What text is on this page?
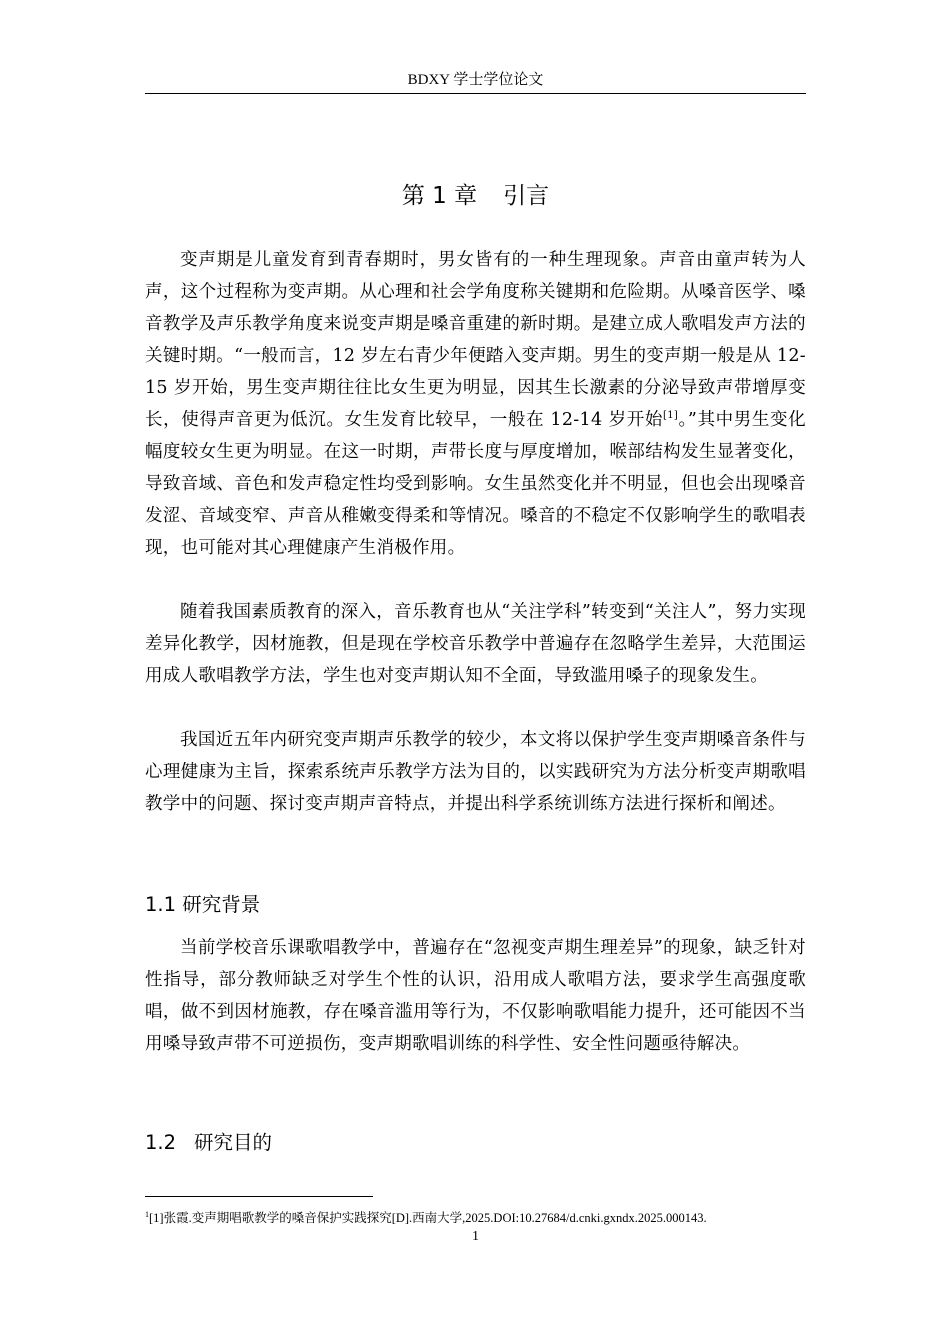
BDXY 学士学位论文
第 1 章 引言

变声期是儿童发育到青春期时，男女皆有的一种生理现象。声音由童声转为人声，这个过程称为变声期。从心理和社会学角度称关键期和危险期。从嗓音医学、嗓音教学及声乐教学角度来说变声期是嗓音重建的新时期。是建立成人歌唱发声方法的关键时期。“一般而言，12 岁左右青少年便踏入变声期。男生的变声期一般是从 12-15 岁开始，男生变声期往往比女生更为明显，因其生长激素的分泌导致声带增厚变长，使得声音更为低沉。女生发育比较早，一般在 12-14 岁开始[1]。”其中男生变化幅度较女生更为明显。在这一时期，声带长度与厚度增加，喉部结构发生显著变化，导致音域、音色和发声稳定性均受到影响。女生虽然变化并不明显，但也会出现嗓音发涩、音域变窄、声音从稚嫩变得柔和等情况。嗓音的不稳定不仅影响学生的歌唱表现，也可能对其心理健康产生消极作用。

随着我国素质教育的深入，音乐教育也从“关注学科”转变到“关注人”，努力实现差异化教学，因材施教，但是现在学校音乐教学中普遍存在忽略学生差异，大范围运用成人歌唱教学方法，学生也对变声期认知不全面，导致滥用嗓子的现象发生。

我国近五年内研究变声期声乐教学的较少，本文将以保护学生变声期嗓音条件与心理健康为主旨，探索系统声乐教学方法为目的，以实践研究为方法分析变声期歌唱教学中的问题、探讨变声期声音特点，并提出科学系统训练方法进行探析和阐述。

1.1 研究背景

当前学校音乐课歌唱教学中，普遍存在“忽视变声期生理差异”的现象，缺乏针对性指导，部分教师缺乏对学生个性的认识，沿用成人歌唱方法，要求学生高强度歌唱，做不到因材施教，存在嗓音滥用等行为，不仅影响歌唱能力提升，还可能因不当用嗓导致声带不可逆损伤，变声期歌唱训练的科学性、安全性问题亟待解决。

1.2 研究目的
$^1$[1]张霞.变声期唱歌教学的嗓音保护实践探究[D].西南大学,2025.DOI:10.27684/d.cnki.gxndx.2025.000143.
1
